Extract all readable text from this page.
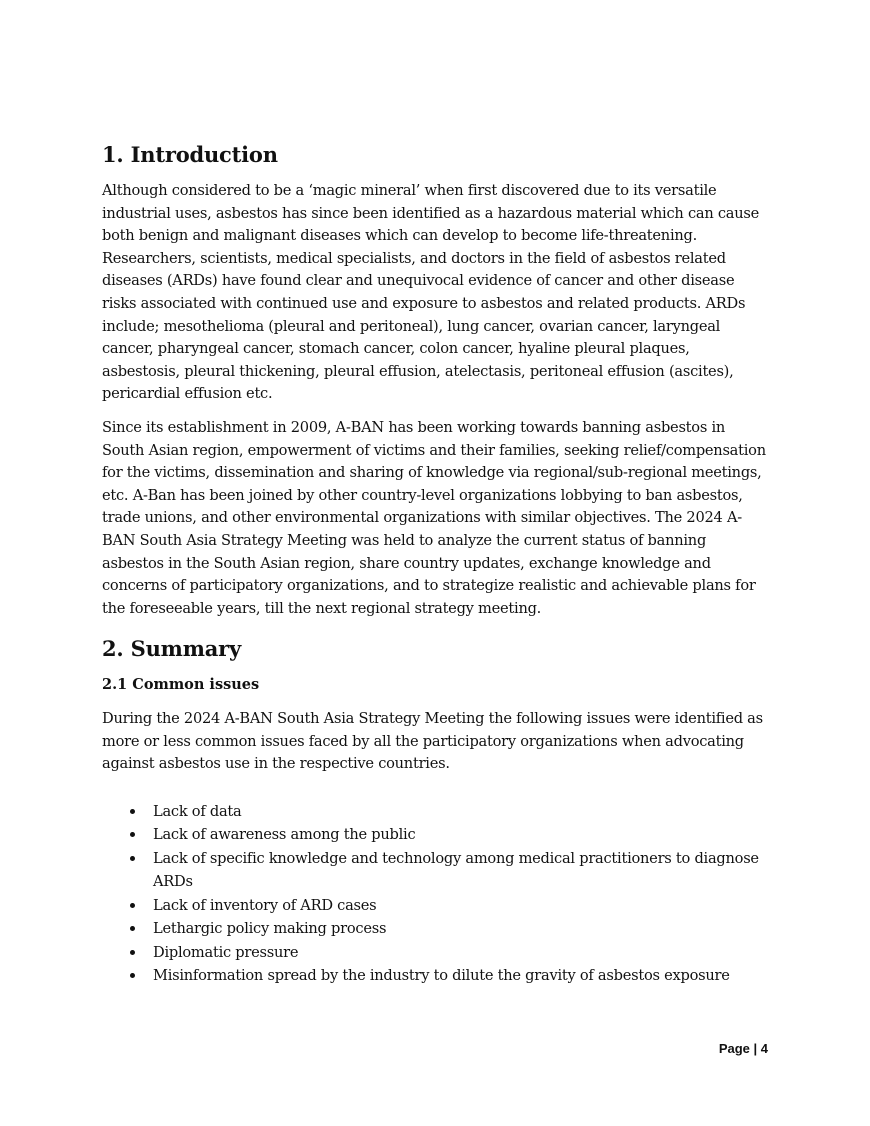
1. Introduction

Although considered to be a ‘magic mineral’ when first discovered due to its versatile industrial uses, asbestos has since been identified as a hazardous material which can cause both benign and malignant diseases which can develop to become life-threatening. Researchers, scientists, medical specialists, and doctors in the field of asbestos related diseases (ARDs) have found clear and unequivocal evidence of cancer and other disease risks associated with continued use and exposure to asbestos and related products. ARDs include; mesothelioma (pleural and peritoneal), lung cancer, ovarian cancer, laryngeal cancer, pharyngeal cancer, stomach cancer, colon cancer, hyaline pleural plaques, asbestosis, pleural thickening, pleural effusion, atelectasis, peritoneal effusion (ascites), pericardial effusion etc.

Since its establishment in 2009, A-BAN has been working towards banning asbestos in South Asian region, empowerment of victims and their families, seeking relief/compensation for the victims, dissemination and sharing of knowledge via regional/sub-regional meetings, etc. A-Ban has been joined by other country-level organizations lobbying to ban asbestos, trade unions, and other environmental organizations with similar objectives. The 2024 A-BAN South Asia Strategy Meeting was held to analyze the current status of banning asbestos in the South Asian region, share country updates, exchange knowledge and concerns of participatory organizations, and to strategize realistic and achievable plans for the foreseeable years, till the next regional strategy meeting.

2. Summary
2.1 Common issues

During the 2024 A-BAN South Asia Strategy Meeting the following issues were identified as more or less common issues faced by all the participatory organizations when advocating against asbestos use in the respective countries.

Lack of data
Lack of awareness among the public
Lack of specific knowledge and technology among medical practitioners to diagnose ARDs
Lack of inventory of ARD cases
Lethargic policy making process
Diplomatic pressure
Misinformation spread by the industry to dilute the gravity of asbestos exposure
Page | 4
